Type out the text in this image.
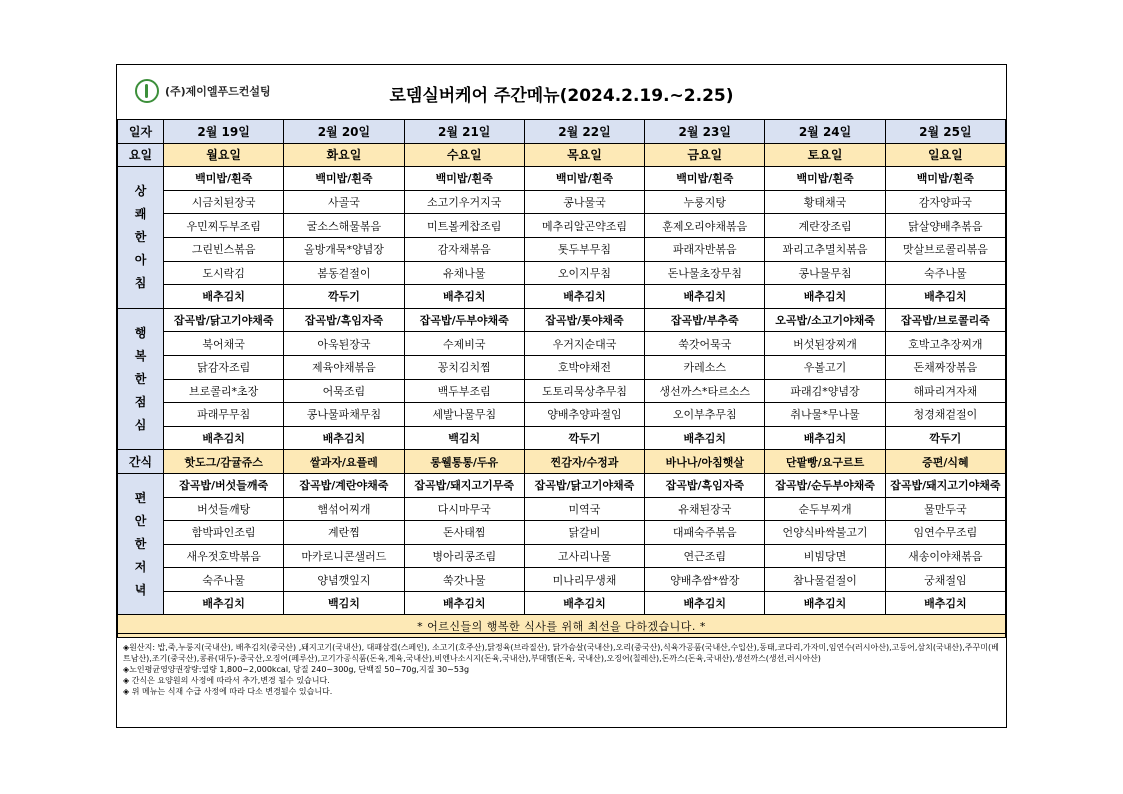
(주)제이엘푸드컨설팅	로뎀실버케어 주간메뉴(2024.2.19.~2.25)
일자	2월 19일	2월 20일	2월 21일	2월 22일	2월 23일	2월 24일	2월 25일
요일	월요일	화요일	수요일	목요일	금요일	토요일	일요일

상
쾌
한
아
침	백미밥/흰죽	백미밥/흰죽	백미밥/흰죽	백미밥/흰죽	백미밥/흰죽	백미밥/흰죽	백미밥/흰죽
	시금치된장국	사골국	소고기우거지국	콩나물국	누룽지탕	황태채국	감자양파국
	우민찌두부조림	굴소스해물볶음	미트볼케찹조림	메추리알곤약조림	훈제오리야채볶음	계란장조림	닭살양배추볶음
	그린빈스볶음	올방개묵*양념장	감자채볶음	톳두부무침	파래자반볶음	꽈리고추멸치볶음	맛살브로콜리볶음
	도시락김	봄동겉절이	유채나물	오이지무침	돈나물초장무침	콩나물무침	숙주나물
	배추김치	깍두기	배추김치	배추김치	배추김치	배추김치	배추김치

행
복
한
점
심	잡곡밥/닭고기야채죽	잡곡밥/흑임자죽	잡곡밥/두부야채죽	잡곡밥/톳야채죽	잡곡밥/부추죽	오곡밥/소고기야채죽	잡곡밥/브로콜리죽
	북어채국	아욱된장국	수제비국	우거지순대국	쑥갓어묵국	버섯된장찌개	호박고추장찌개
	닭감자조림	제육야채볶음	꽁치김치찜	호박야채전	카레소스	우볼고기	돈채짜장볶음
	브로콜리*초장	어묵조림	백두부조림	도토리묵상추무침	생선까스*타르소스	파래김*양념장	해파리겨자채
	파래무무침	콩나물파채무침	세발나물무침	양배추양파절임	오이부추무침	취나물*무나물	청경채겉절이
	배추김치	배추김치	백김치	깍두기	배추김치	배추김치	깍두기
간식	핫도그/감귤쥬스	쌀과자/요플레	롱웰통통/두유	찐감자/수정과	바나나/아침햇살	단팥빵/요구르트	증편/식혜

편
안
한
저
녁	잡곡밥/버섯들깨죽	잡곡밥/계란야채죽	잡곡밥/돼지고기무죽	잡곡밥/닭고기야채죽	잡곡밥/흑임자죽	잡곡밥/순두부야채죽	잡곡밥/돼지고기야채죽
	버섯들깨탕	햄섞어찌개	다시마무국	미역국	유채된장국	순두부찌개	물만두국
	함박파인조림	계란찜	돈사태찜	닭갈비	대패숙주볶음	언양식바싹불고기	임연수무조림
	새우젓호박볶음	마카로니콘샐러드	병아리콩조림	고사리나물	연근조림	비빔당면	새송이야채볶음
	숙주나물	양념깻잎지	쑥갓나물	미나리무생채	양배추쌈*쌈장	참나물겉절이	궁채절임
	배추김치	백김치	배추김치	배추김치	배추김치	배추김치	배추김치
* 어르신들의 행복한 식사를 위해 최선을 다하겠습니다. *							
◈원산지: 밥,죽,누룽지(국내산), 배추김치(중국산) ,돼지고기(국내산), 대패삼겹(스페인), 소고기(호주산),닭정육(브라질산), 닭가슴살(국내산),오리(중국산),식육가공품(국내산,수입산),동태,코다리,가자미,임연수(러시아산),고등어,삼치(국내산),주꾸미(베트남산),조기(중국산),콩류(대두)-중국산,오징어(페루산),고기가공식품(돈육,계육,국내산),비엔나소시지(돈육,국내산),부대햄(돈육, 국내산),오징어(칠레산),돈까스(돈육,국내산),생선까스(생선,러시아산)
◈노인평균영양권장량:열량 1,800~2,000kcal, 당질 240~300g, 단백질 50~70g,지질 30~53g
◈ 간식은 요양원의 사정에 따라서 추가,변경 될수 있습니다.
◈ 위 메뉴는 식재 수급 사정에 따라 다소 변경될수 있습니다.
